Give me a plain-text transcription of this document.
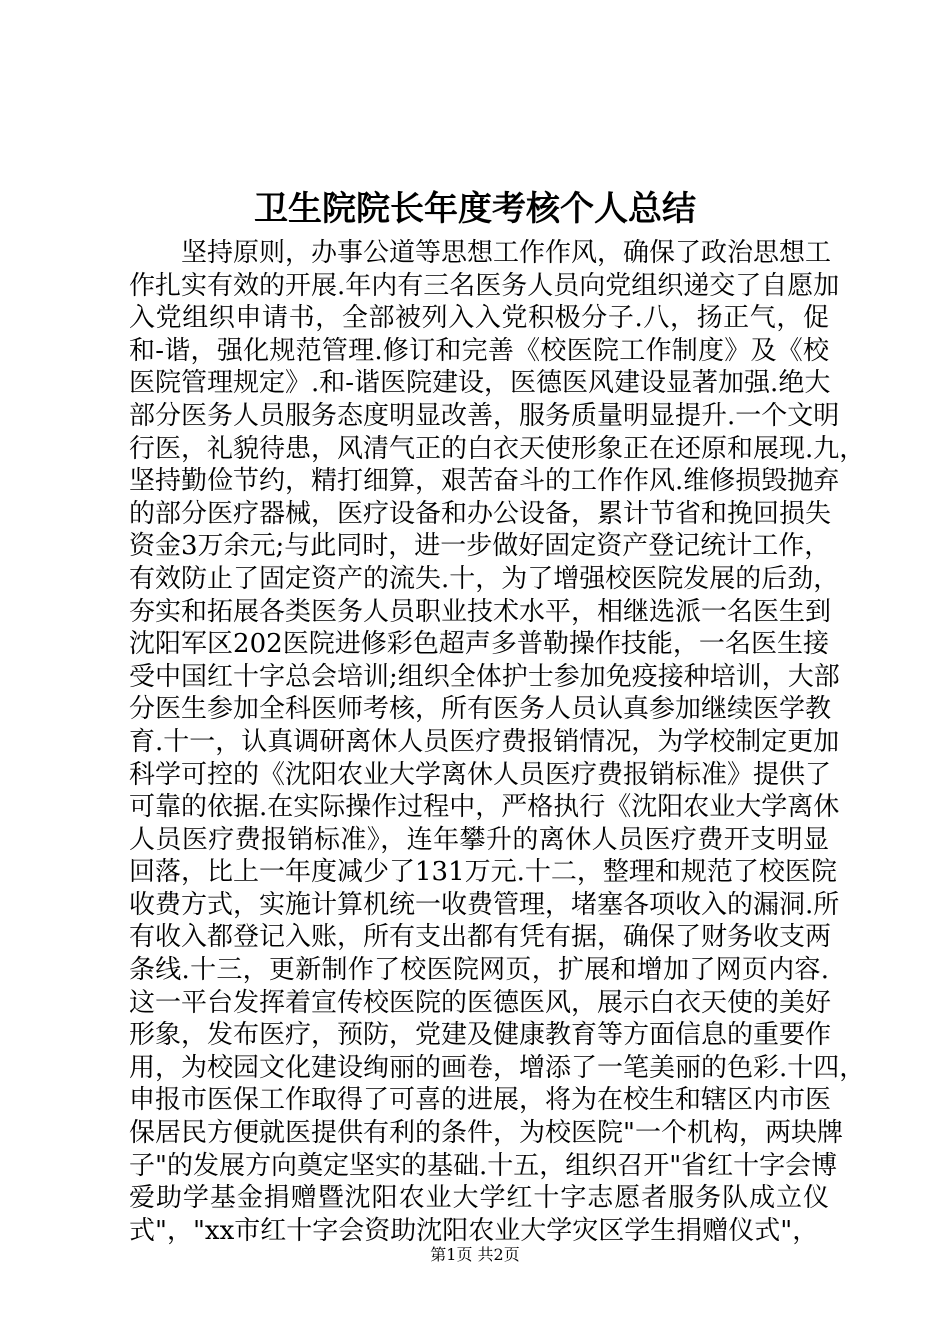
卫生院院长年度考核个人总结
坚持原则，办事公道等思想工作作风，确保了政治思想工
作扎实有效的开展.年内有三名医务人员向党组织递交了自愿加
入党组织申请书，全部被列入入党积极分子.八，扬正气，促
和-谐，强化规范管理.修订和完善《校医院工作制度》及《校
医院管理规定》.和-谐医院建设，医德医风建设显著加强.绝大
部分医务人员服务态度明显改善，服务质量明显提升.一个文明
行医，礼貌待患，风清气正的白衣天使形象正在还原和展现.九，
坚持勤俭节约，精打细算，艰苦奋斗的工作作风.维修损毁抛弃
的部分医疗器械，医疗设备和办公设备，累计节省和挽回损失
资金3万余元;与此同时，进一步做好固定资产登记统计工作，
有效防止了固定资产的流失.十，为了增强校医院发展的后劲，
夯实和拓展各类医务人员职业技术水平，相继选派一名医生到
沈阳军区202医院进修彩色超声多普勒操作技能，一名医生接
受中国红十字总会培训;组织全体护士参加免疫接种培训，大部
分医生参加全科医师考核，所有医务人员认真参加继续医学教
育.十一，认真调研离休人员医疗费报销情况，为学校制定更加
科学可控的《沈阳农业大学离休人员医疗费报销标准》提供了
可靠的依据.在实际操作过程中，严格执行《沈阳农业大学离休
人员医疗费报销标准》，连年攀升的离休人员医疗费开支明显
回落，比上一年度减少了131万元.十二，整理和规范了校医院
收费方式，实施计算机统一收费管理，堵塞各项收入的漏洞.所
有收入都登记入账，所有支出都有凭有据，确保了财务收支两
条线.十三，更新制作了校医院网页，扩展和增加了网页内容.
这一平台发挥着宣传校医院的医德医风，展示白衣天使的美好
形象，发布医疗，预防，党建及健康教育等方面信息的重要作
用，为校园文化建设绚丽的画卷，增添了一笔美丽的色彩.十四，
申报市医保工作取得了可喜的进展，将为在校生和辖区内市医
保居民方便就医提供有利的条件，为校医院"一个机构，两块牌
子"的发展方向奠定坚实的基础.十五，组织召开"省红十字会博
爱助学基金捐赠暨沈阳农业大学红十字志愿者服务队成立仪
式"，"xx市红十字会资助沈阳农业大学灾区学生捐赠仪式"，
第1页 共2页
